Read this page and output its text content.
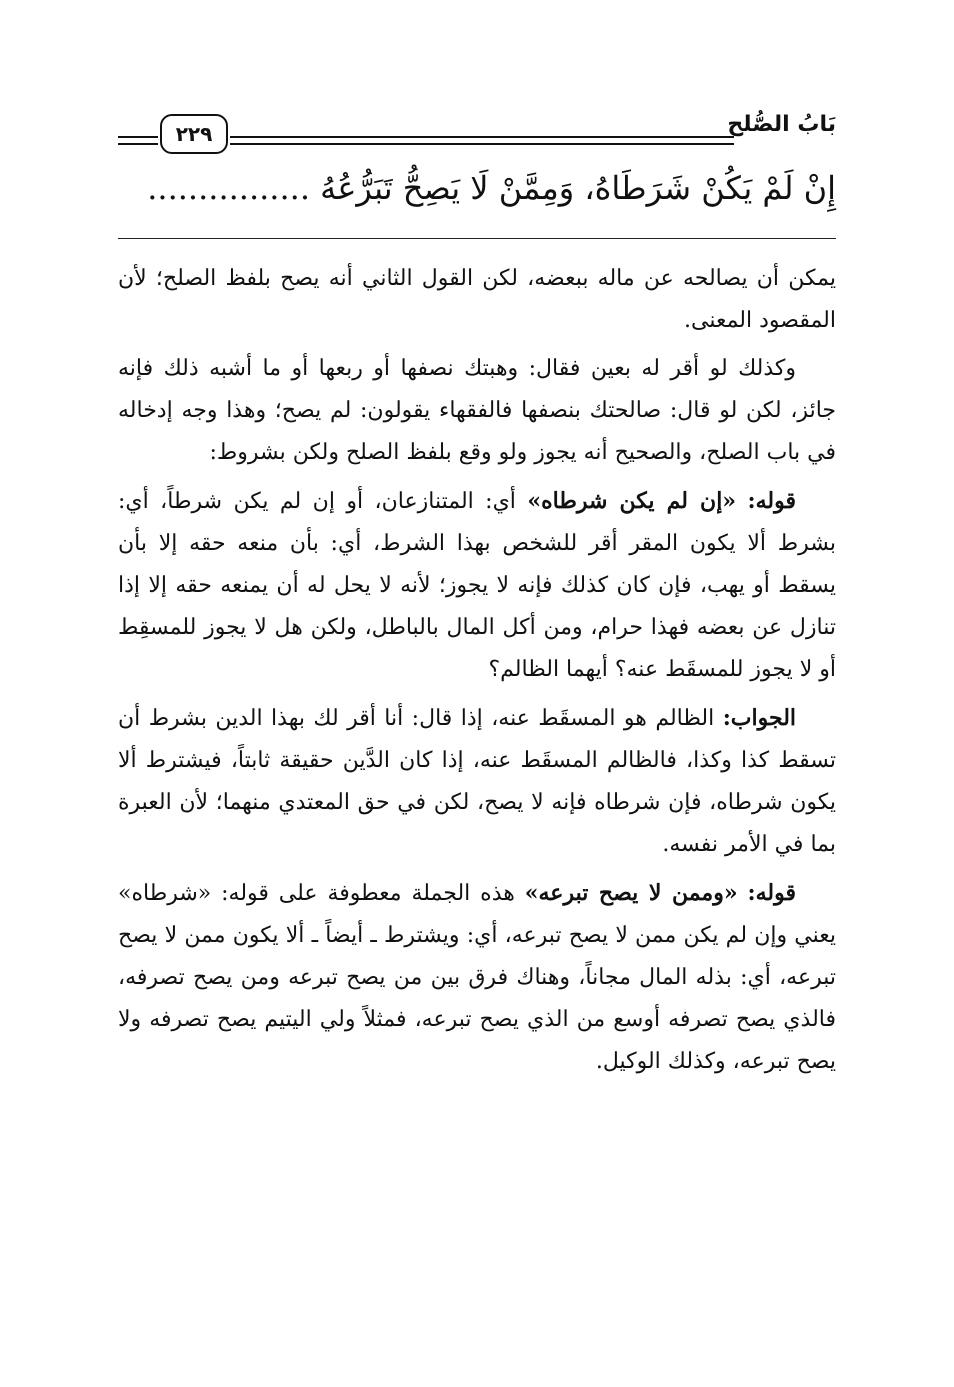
بَابُ الصُّلح
٢٢٩
إِنْ لَمْ يَكُنْ شَرَطَاهُ، وَمِمَّنْ لَا يَصِحُّ تَبَرُّعُهُ ................

يمكن أن يصالحه عن ماله ببعضه، لكن القول الثاني أنه يصح بلفظ الصلح؛ لأن المقصود المعنى.

وكذلك لو أقر له بعين فقال: وهبتك نصفها أو ربعها أو ما أشبه ذلك فإنه جائز، لكن لو قال: صالحتك بنصفها فالفقهاء يقولون: لم يصح؛ وهذا وجه إدخاله في باب الصلح، والصحيح أنه يجوز ولو وقع بلفظ الصلح ولكن بشروط:

قوله: «إن لم يكن شرطاه» أي: المتنازعان، أو إن لم يكن شرطاً، أي: بشرط ألا يكون المقر أقر للشخص بهذا الشرط، أي: بأن منعه حقه إلا بأن يسقط أو يهب، فإن كان كذلك فإنه لا يجوز؛ لأنه لا يحل له أن يمنعه حقه إلا إذا تنازل عن بعضه فهذا حرام، ومن أكل المال بالباطل، ولكن هل لا يجوز للمسقِط أو لا يجوز للمسقَط عنه؟ أيهما الظالم؟

الجواب: الظالم هو المسقَط عنه، إذا قال: أنا أقر لك بهذا الدين بشرط أن تسقط كذا وكذا، فالظالم المسقَط عنه، إذا كان الدَّين حقيقة ثابتاً، فيشترط ألا يكون شرطاه، فإن شرطاه فإنه لا يصح، لكن في حق المعتدي منهما؛ لأن العبرة بما في الأمر نفسه.

قوله: «وممن لا يصح تبرعه» هذه الجملة معطوفة على قوله: «شرطاه» يعني وإن لم يكن ممن لا يصح تبرعه، أي: ويشترط ـ أيضاً ـ ألا يكون ممن لا يصح تبرعه، أي: بذله المال مجاناً، وهناك فرق بين من يصح تبرعه ومن يصح تصرفه، فالذي يصح تصرفه أوسع من الذي يصح تبرعه، فمثلاً ولي اليتيم يصح تصرفه ولا يصح تبرعه، وكذلك الوكيل.
